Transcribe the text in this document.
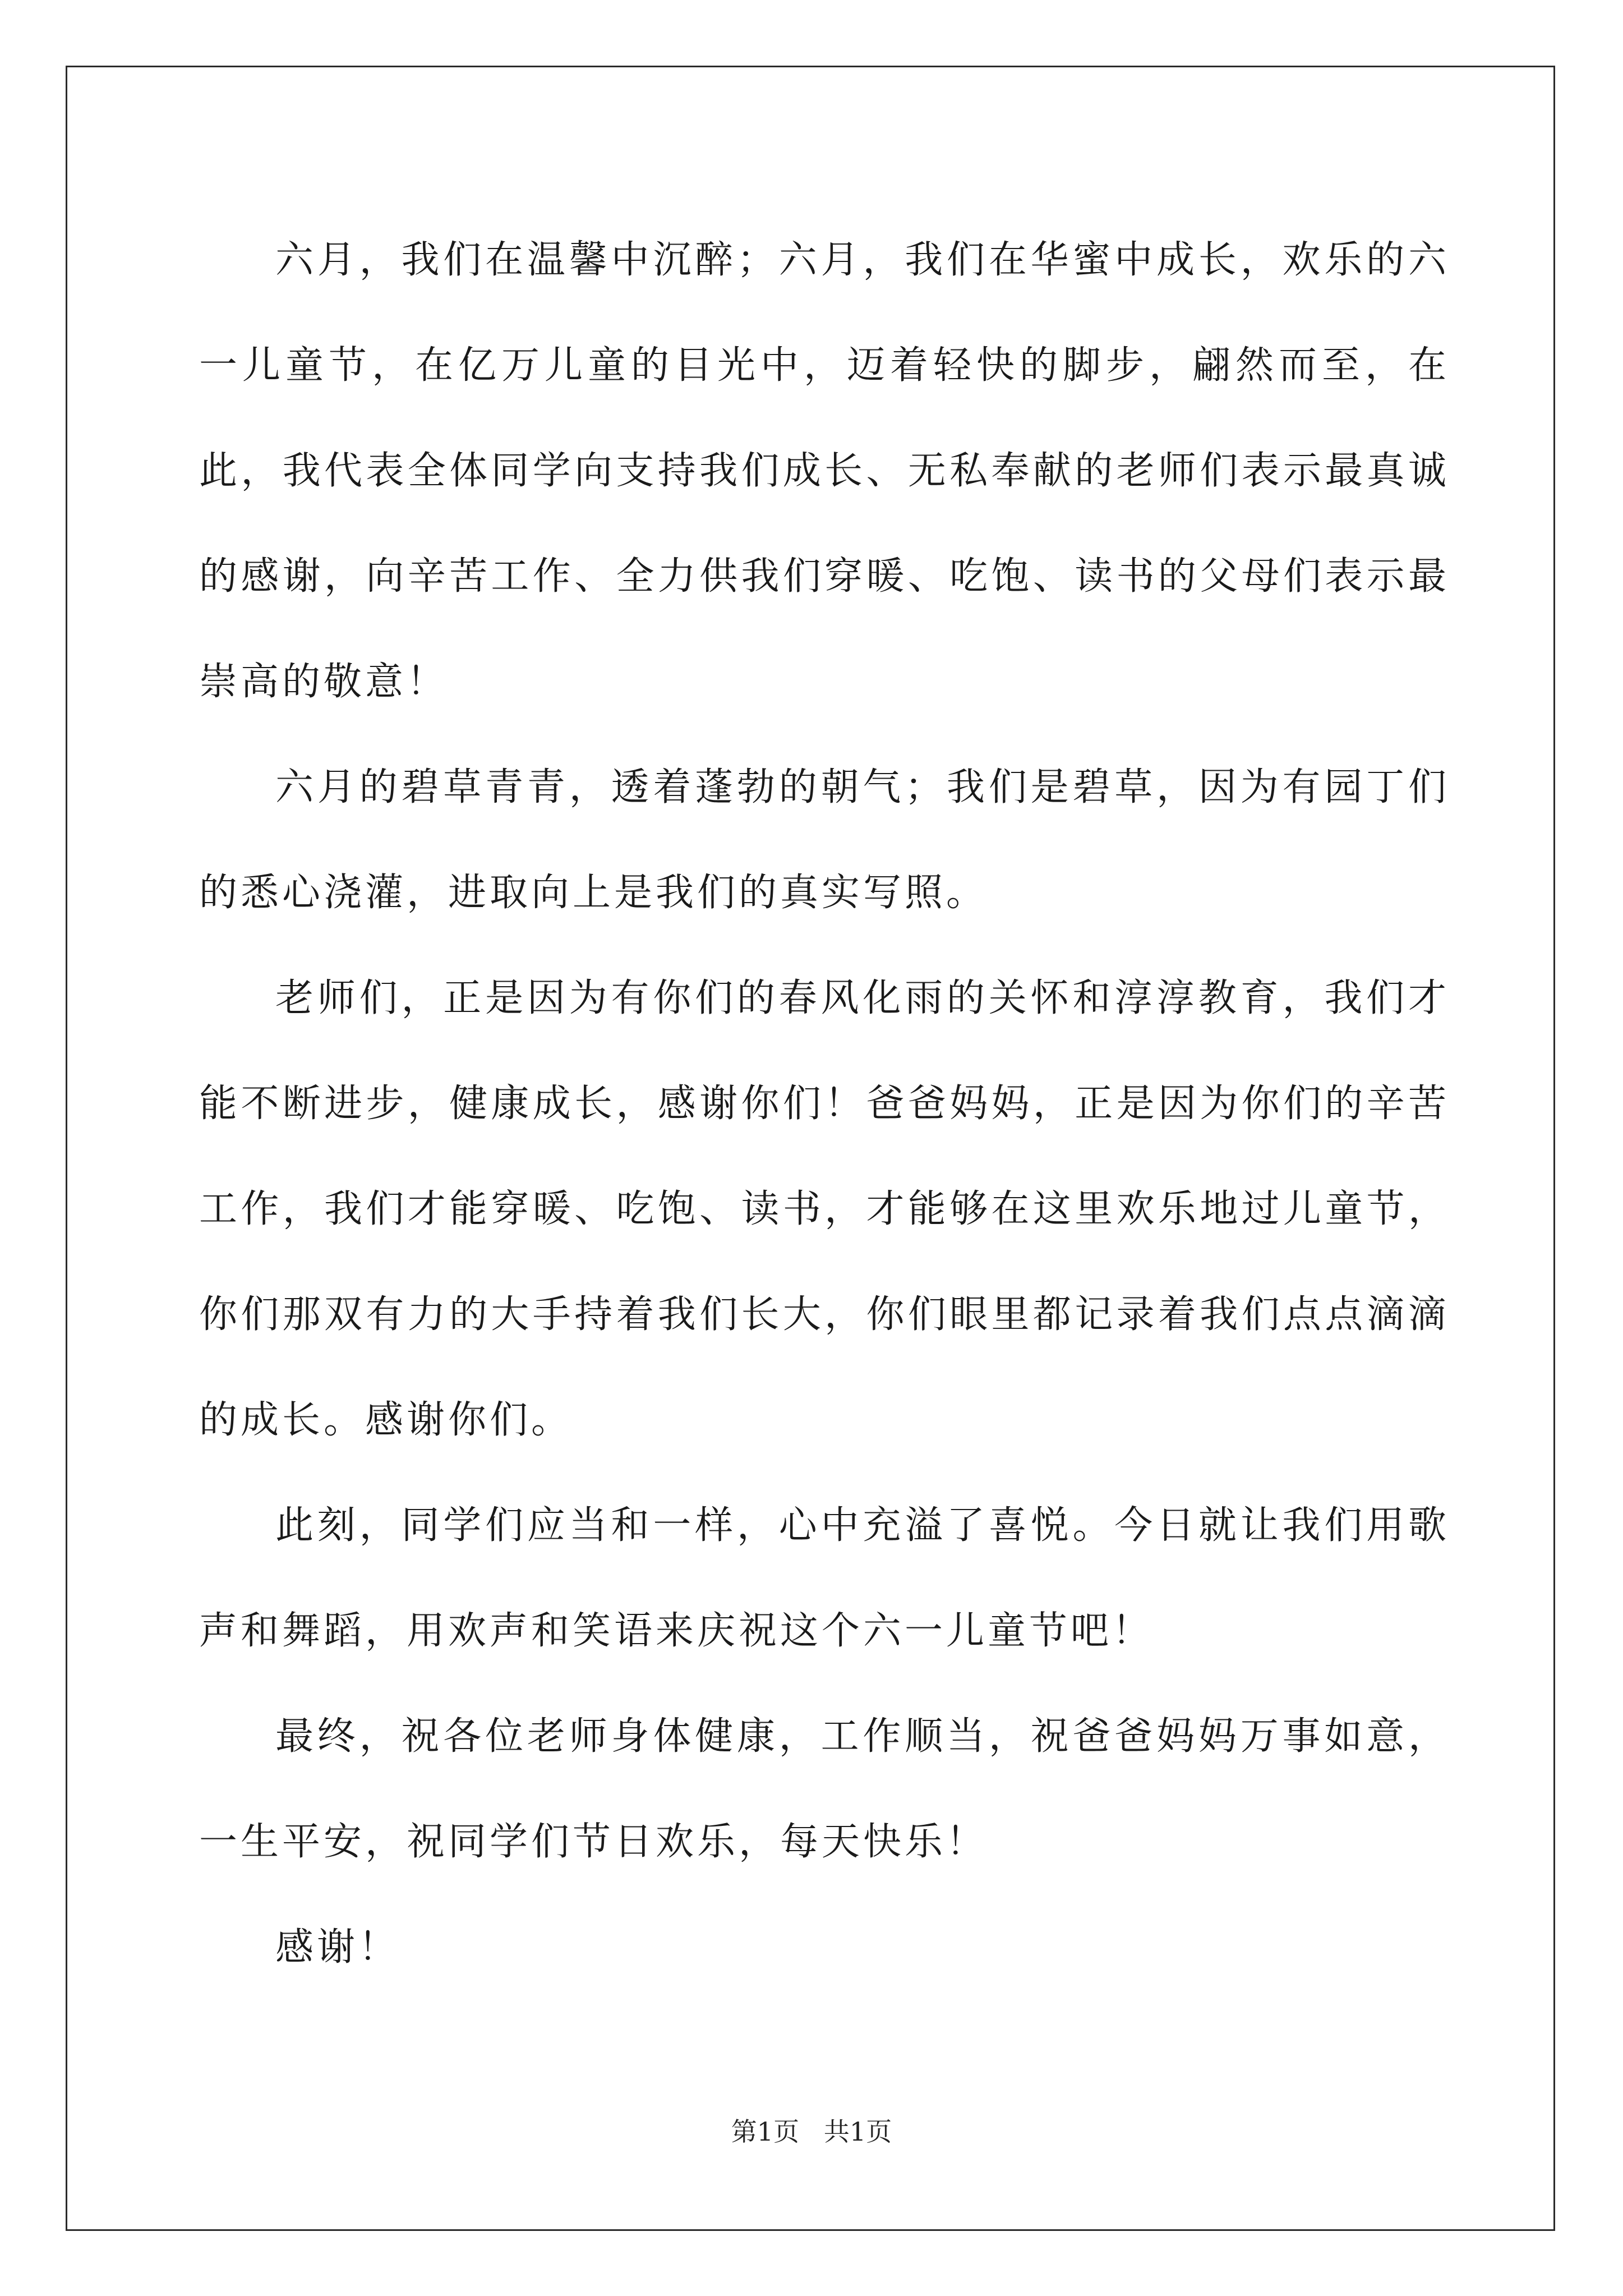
六月，我们在温馨中沉醉；六月，我们在华蜜中成长，欢乐的六一儿童节，在亿万儿童的目光中，迈着轻快的脚步，翩然而至，在此，我代表全体同学向支持我们成长、无私奉献的老师们表示最真诚的感谢，向辛苦工作、全力供我们穿暖、吃饱、读书的父母们表示最崇高的敬意！

六月的碧草青青，透着蓬勃的朝气；我们是碧草，因为有园丁们的悉心浇灌，进取向上是我们的真实写照。

老师们，正是因为有你们的春风化雨的关怀和淳淳教育，我们才能不断进步，健康成长，感谢你们！爸爸妈妈，正是因为你们的辛苦工作，我们才能穿暖、吃饱、读书，才能够在这里欢乐地过儿童节，你们那双有力的大手持着我们长大，你们眼里都记录着我们点点滴滴的成长。感谢你们。

此刻，同学们应当和一样，心中充溢了喜悦。今日就让我们用歌声和舞蹈，用欢声和笑语来庆祝这个六一儿童节吧！

最终，祝各位老师身体健康，工作顺当，祝爸爸妈妈万事如意，一生平安，祝同学们节日欢乐，每天快乐！

感谢！

第1页   共1页
